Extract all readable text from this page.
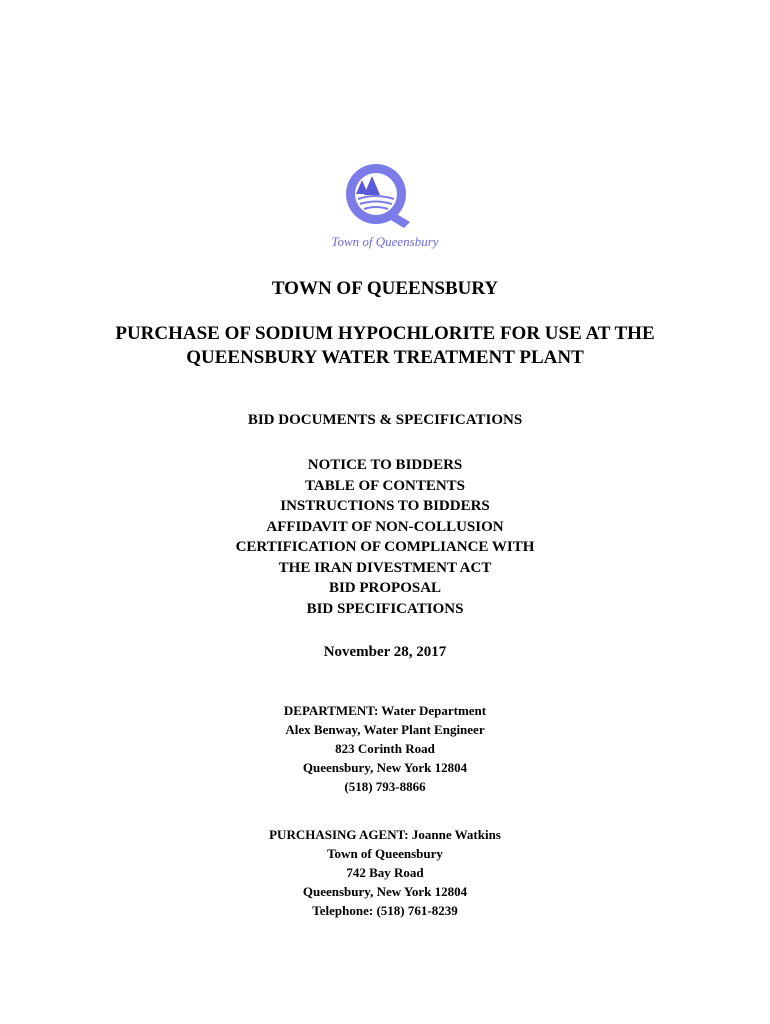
Town of Queensbury
TOWN OF QUEENSBURY
PURCHASE OF SODIUM HYPOCHLORITE FOR USE AT THE
QUEENSBURY WATER TREATMENT PLANT
BID DOCUMENTS & SPECIFICATIONS
NOTICE TO BIDDERS
TABLE OF CONTENTS
INSTRUCTIONS TO BIDDERS
AFFIDAVIT OF NON-COLLUSION
CERTIFICATION OF COMPLIANCE WITH
THE IRAN DIVESTMENT ACT
BID PROPOSAL
BID SPECIFICATIONS
November 28, 2017
DEPARTMENT: Water Department
Alex Benway, Water Plant Engineer
823 Corinth Road
Queensbury, New York 12804
(518) 793-8866
PURCHASING AGENT: Joanne Watkins
Town of Queensbury
742 Bay Road
Queensbury, New York 12804
Telephone: (518) 761-8239
